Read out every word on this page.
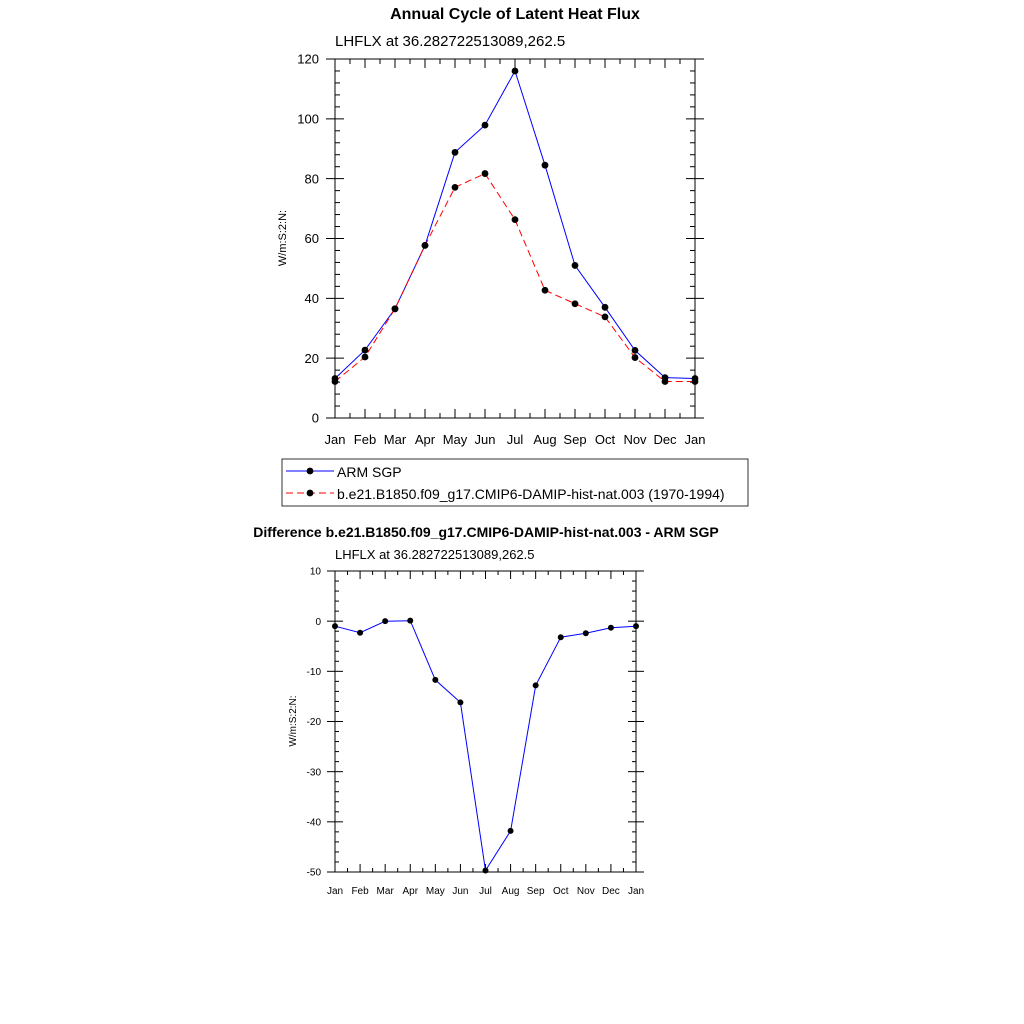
Annual Cycle of Latent Heat Flux
LHFLX at 36.282722513089,262.5
W/m:S:2:N:
Jan Feb Mar Apr May Jun Jul Aug Sep Oct Nov Dec Jan
0
20
40
60
80
100
120
ARM SGP
b.e21.B1850.f09_g17.CMIP6-DAMIP-hist-nat.003 (1970-1994)
Difference b.e21.B1850.f09_g17.CMIP6-DAMIP-hist-nat.003 - ARM SGP
LHFLX at 36.282722513089,262.5
W/m:S:2:N:
Jan Feb Mar Apr May Jun Jul Aug Sep Oct Nov Dec Jan
-50
-40
-30
-20
-10
0
10
